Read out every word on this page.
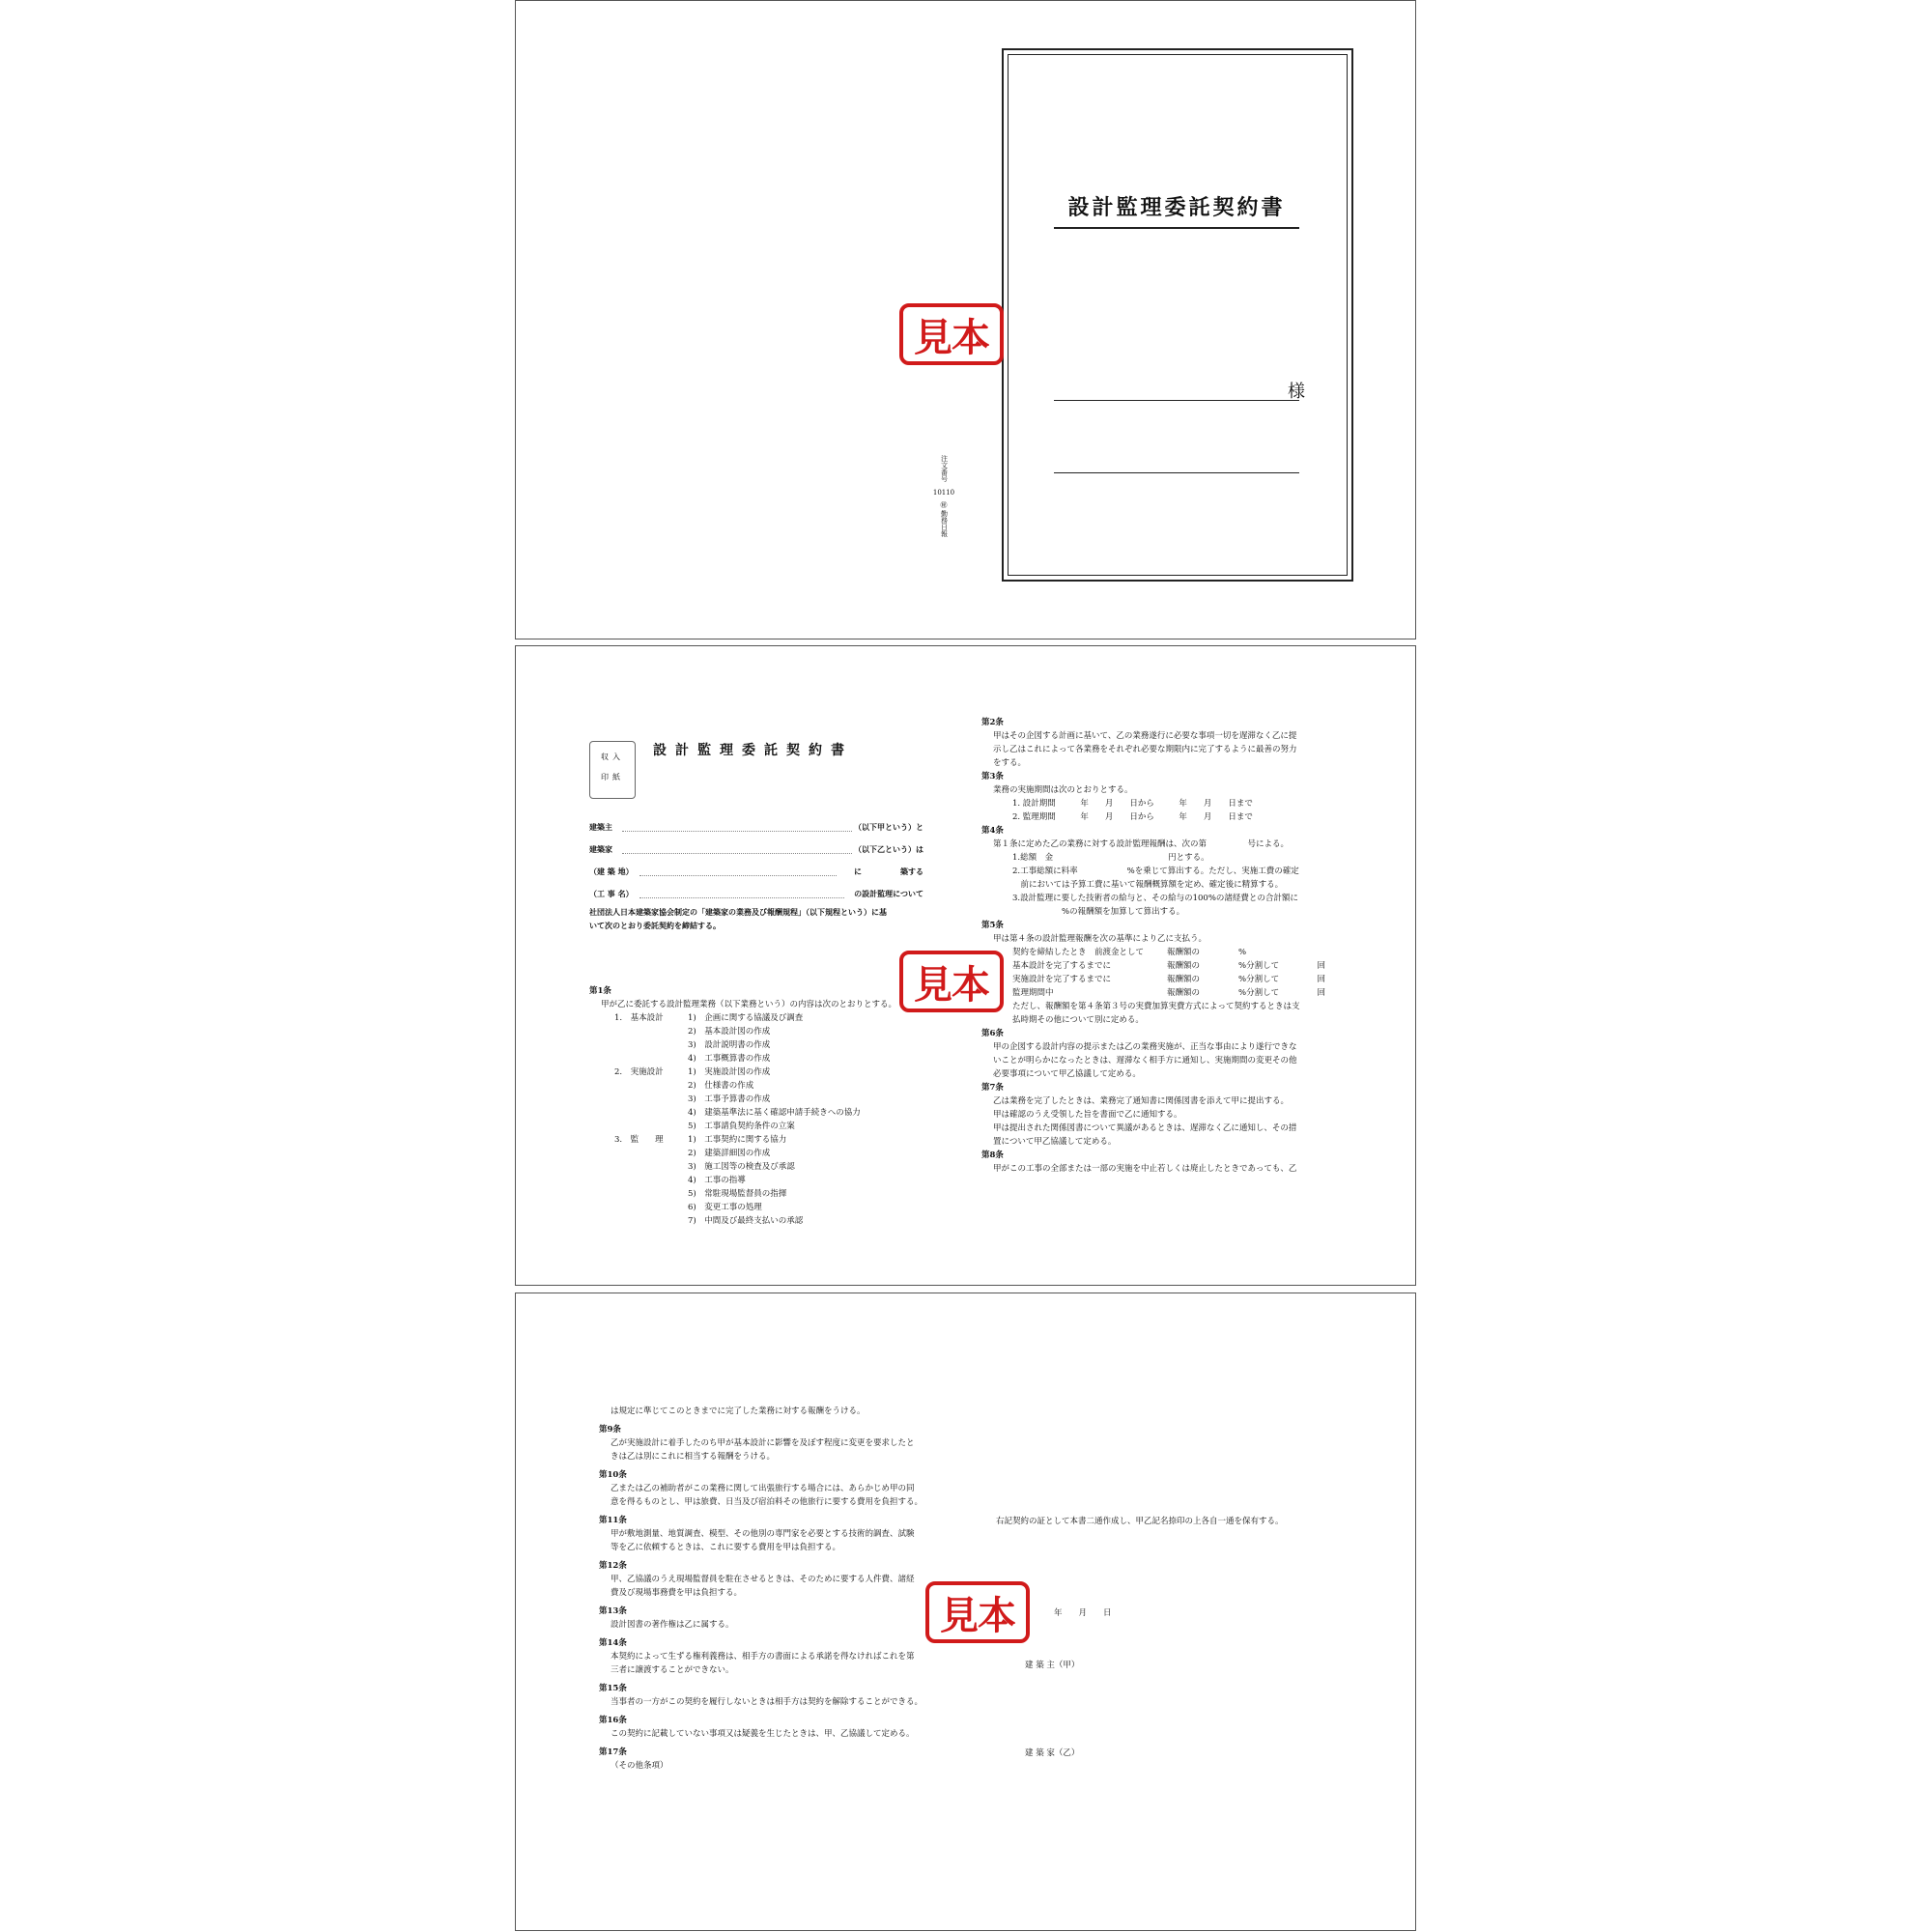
設計監理委託契約書
様
注文番号
10110
㊙
勤務日報
見本
収入
印紙
設計監理委託契約書
建築主	（以下甲という）と
建築家	（以下乙という）は
（建 築 地）	に　　　　　築する
（工 事 名）	の設計監理について
社団法人日本建築家協会制定の「建築家の業務及び報酬規程」（以下規程という）に基
いて次のとおり委託契約を締結する。
第1条
甲が乙に委託する設計監理業務（以下業務という）の内容は次のとおりとする。
1.　基本設計	1)　企画に関する協議及び調査
2)　基本設計図の作成
3)　設計説明書の作成
4)　工事概算書の作成
2.　実施設計	1)　実施設計図の作成
2)　仕様書の作成
3)　工事予算書の作成
4)　建築基準法に基く確認申請手続きへの協力
5)　工事請負契約条件の立案
3.　監　　理	1)　工事契約に関する協力
2)　建築詳細図の作成
3)　施工図等の検査及び承認
4)　工事の指導
5)　常駐現場監督員の指揮
6)　変更工事の処理
7)　中間及び最終支払いの承認
第2条
甲はその企図する計画に基いて、乙の業務遂行に必要な事項一切を遅滞なく乙に提
示し乙はこれによって各業務をそれぞれ必要な期限内に完了するように最善の努力
をする。
第3条
業務の実施期間は次のとおりとする。
1. 設計期間　　　	年　　月　　日から　　　年　　月　　日まで
2. 監理期間　　　	年　　月　　日から　　　年　　月　　日まで
第4条
第１条に定めた乙の業務に対する設計監理報酬は、次の第　　　　　号による。
1.総額　金　　　　　　　　　　　　　　円とする。
2.工事総額に料率　　　　　　%を乗じて算出する。ただし、実施工費の確定
　前においては予算工費に基いて報酬概算額を定め、確定後に精算する。
3.設計監理に要した技術者の給与と、その給与の100%の諸経費との合計額に
　　　　　　%の報酬額を加算して算出する。
第5条
甲は第４条の設計監理報酬を次の基準により乙に支払う。
契約を締結したとき　前渡金として	報酬額の	%
基本設計を完了するまでに	報酬額の	%分割して	回
実施設計を完了するまでに	報酬額の	%分割して	回
監理期間中	報酬額の	%分割して	回
ただし、報酬額を第４条第３号の実費加算実費方式によって契約するときは支
払時期その他について別に定める。
第6条
甲の企図する設計内容の提示または乙の業務実施が、正当な事由により遂行できな
いことが明らかになったときは、遅滞なく相手方に通知し、実施期間の変更その他
必要事項について甲乙協議して定める。
第7条
乙は業務を完了したときは、業務完了通知書に関係図書を添えて甲に提出する。
甲は確認のうえ受領した旨を書面で乙に通知する。
甲は提出された関係図書について異議があるときは、遅滞なく乙に通知し、その措
置について甲乙協議して定める。
第8条
甲がこの工事の全部または一部の実施を中止若しくは廃止したときであっても、乙
見本
は規定に準じてこのときまでに完了した業務に対する報酬をうける。
第9条
乙が実施設計に着手したのち甲が基本設計に影響を及ぼす程度に変更を要求したと
きは乙は別にこれに相当する報酬をうける。
第10条
乙または乙の補助者がこの業務に関して出張旅行する場合には、あらかじめ甲の同
意を得るものとし、甲は旅費、日当及び宿泊料その他旅行に要する費用を負担する。
第11条
甲が敷地測量、地質調査、模型、その他別の専門家を必要とする技術的調査、試験
等を乙に依頼するときは、これに要する費用を甲は負担する。
第12条
甲、乙協議のうえ現場監督員を駐在させるときは、そのために要する人件費、諸経
費及び現場事務費を甲は負担する。
第13条
設計図書の著作権は乙に属する。
第14条
本契約によって生ずる権利義務は、相手方の書面による承諾を得なければこれを第
三者に譲渡することができない。
第15条
当事者の一方がこの契約を履行しないときは相手方は契約を解除することができる。
第16条
この契約に記載していない事項又は疑義を生じたときは、甲、乙協議して定める。
第17条
（その他条項）
右記契約の証として本書二通作成し、甲乙記名捺印の上各自一通を保有する。
年　　月　　日
建 築 主（甲）
建 築 家（乙）
見本
